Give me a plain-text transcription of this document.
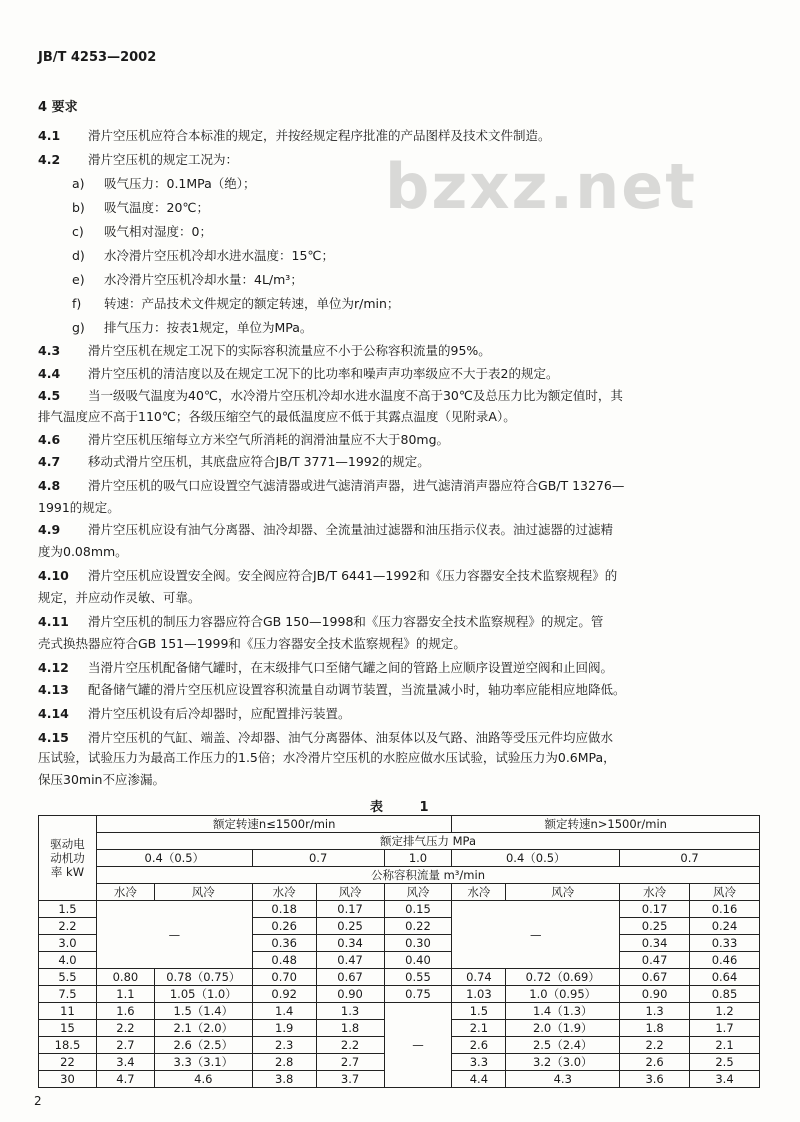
JB/T 4253—2002
bzxz.net
4 要求
4.1 滑片空压机应符合本标准的规定，并按经规定程序批准的产品图样及技术文件制造。
4.2 滑片空压机的规定工况为：
a) 吸气压力：0.1MPa（绝）；
b) 吸气温度：20℃；
c) 吸气相对湿度：0；
d) 水冷滑片空压机冷却水进水温度：15℃；
e) 水冷滑片空压机冷却水量：4L/m³；
f) 转速：产品技术文件规定的额定转速，单位为r/min；
g) 排气压力：按表1规定，单位为MPa。
4.3 滑片空压机在规定工况下的实际容积流量应不小于公称容积流量的95%。
4.4 滑片空压机的清洁度以及在规定工况下的比功率和噪声声功率级应不大于表2的规定。
4.5 当一级吸气温度为40℃，水冷滑片空压机冷却水进水温度不高于30℃及总压力比为额定值时，其
排气温度应不高于110℃；各级压缩空气的最低温度应不低于其露点温度（见附录A）。
4.6 滑片空压机压缩每立方米空气所消耗的润滑油量应不大于80mg。
4.7 移动式滑片空压机，其底盘应符合JB/T 3771—1992的规定。
4.8 滑片空压机的吸气口应设置空气滤清器或进气滤清消声器，进气滤清消声器应符合GB/T 13276—
1991的规定。
4.9 滑片空压机应设有油气分离器、油冷却器、全流量油过滤器和油压指示仪表。油过滤器的过滤精
度为0.08mm。
4.10 滑片空压机应设置安全阀。安全阀应符合JB/T 6441—1992和《压力容器安全技术监察规程》的
规定，并应动作灵敏、可靠。
4.11 滑片空压机的制压力容器应符合GB 150—1998和《压力容器安全技术监察规程》的规定。管
壳式换热器应符合GB 151—1999和《压力容器安全技术监察规程》的规定。
4.12 当滑片空压机配备储气罐时，在末级排气口至储气罐之间的管路上应顺序设置逆空阀和止回阀。
4.13 配备储气罐的滑片空压机应设置容积流量自动调节装置，当流量减小时，轴功率应能相应地降低。
4.14 滑片空压机设有后冷却器时，应配置排污装置。
4.15 滑片空压机的气缸、端盖、冷却器、油气分离器体、油泵体以及气路、油路等受压元件均应做水
压试验，试验压力为最高工作压力的1.5倍；水冷滑片空压机的水腔应做水压试验，试验压力为0.6MPa，
保压30min不应渗漏。
表 1
驱动电动机功率 kW	额定转速n≤1500r/min					额定转速n>1500r/min			
	额定排气压力 MPa								
	0.4（0.5）		0.7		1.0	0.4（0.5）		0.7	
	公称容积流量 m³/min								
	水冷	风冷	水冷	风冷	风冷	水冷	风冷	水冷	风冷
1.5	—		0.18	0.17	0.15	—		0.17	0.16
2.2			0.26	0.25	0.22			0.25	0.24
3.0			0.36	0.34	0.30			0.34	0.33
4.0			0.48	0.47	0.40			0.47	0.46
5.5	0.80	0.78（0.75）	0.70	0.67	0.55	0.74	0.72（0.69）	0.67	0.64
7.5	1.1	1.05（1.0）	0.92	0.90	0.75	1.03	1.0（0.95）	0.90	0.85
11	1.6	1.5（1.4）	1.4	1.3	—	1.5	1.4（1.3）	1.3	1.2
15	2.2	2.1（2.0）	1.9	1.8		2.1	2.0（1.9）	1.8	1.7
18.5	2.7	2.6（2.5）	2.3	2.2		2.6	2.5（2.4）	2.2	2.1
22	3.4	3.3（3.1）	2.8	2.7		3.3	3.2（3.0）	2.6	2.5
30	4.7	4.6	3.8	3.7		4.4	4.3	3.6	3.4
2
